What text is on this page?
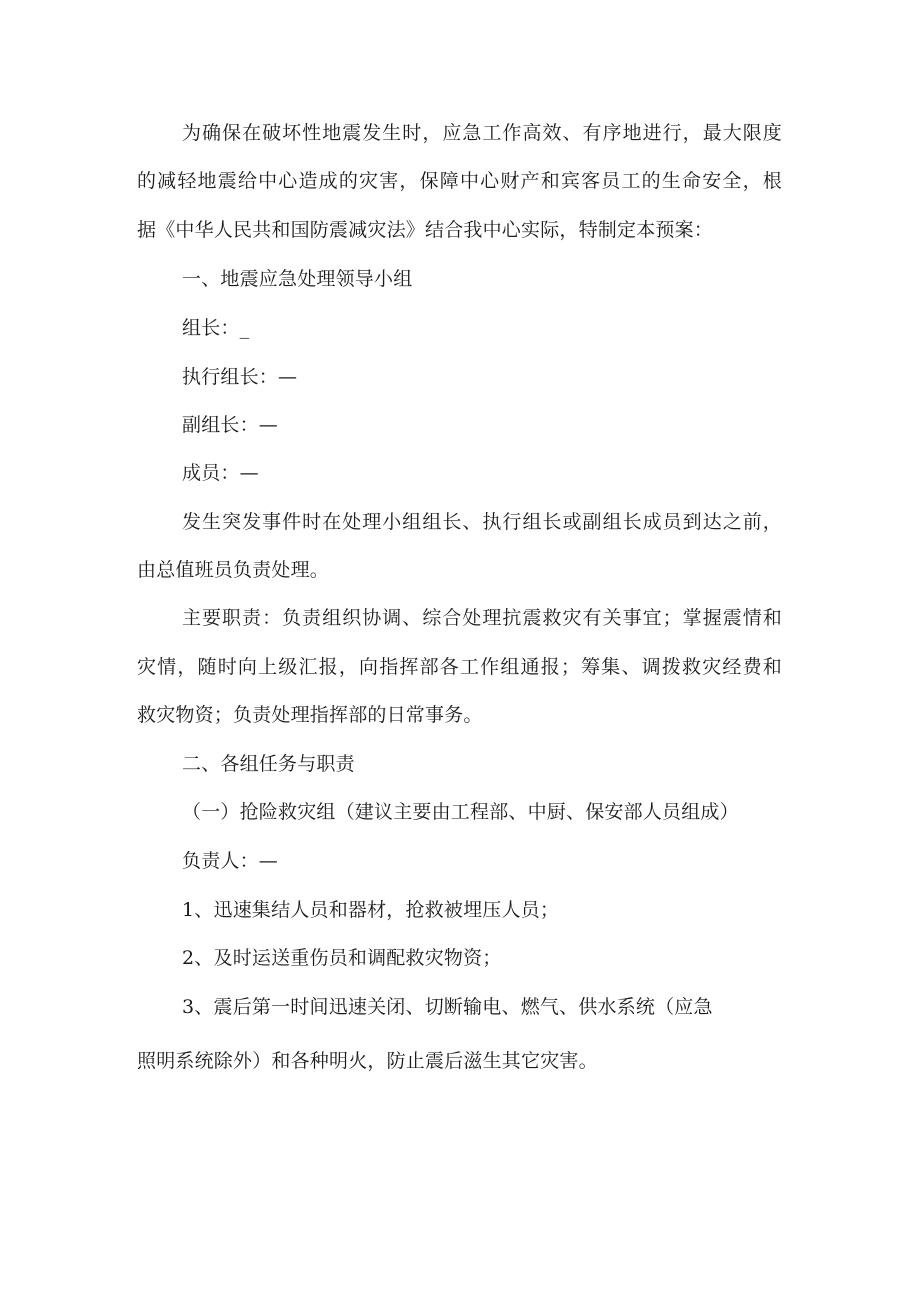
为确保在破坏性地震发生时，应急工作高效、有序地进行，最大限度
的减轻地震给中心造成的灾害，保障中心财产和宾客员工的生命安全，根
据《中华人民共和国防震减灾法》结合我中心实际，特制定本预案：
一、地震应急处理领导小组
组长：_
执行组长：—
副组长：—
成员：—
发生突发事件时在处理小组组长、执行组长或副组长成员到达之前，
由总值班员负责处理。
主要职责：负责组织协调、综合处理抗震救灾有关事宜；掌握震情和
灾情，随时向上级汇报，向指挥部各工作组通报；筹集、调拨救灾经费和
救灾物资；负责处理指挥部的日常事务。
二、各组任务与职责
（一）抢险救灾组（建议主要由工程部、中厨、保安部人员组成）
负责人：—
1、迅速集结人员和器材，抢救被埋压人员；
2、及时运送重伤员和调配救灾物资；
3、震后第一时间迅速关闭、切断输电、燃气、供水系统（应急
照明系统除外）和各种明火，防止震后滋生其它灾害。
